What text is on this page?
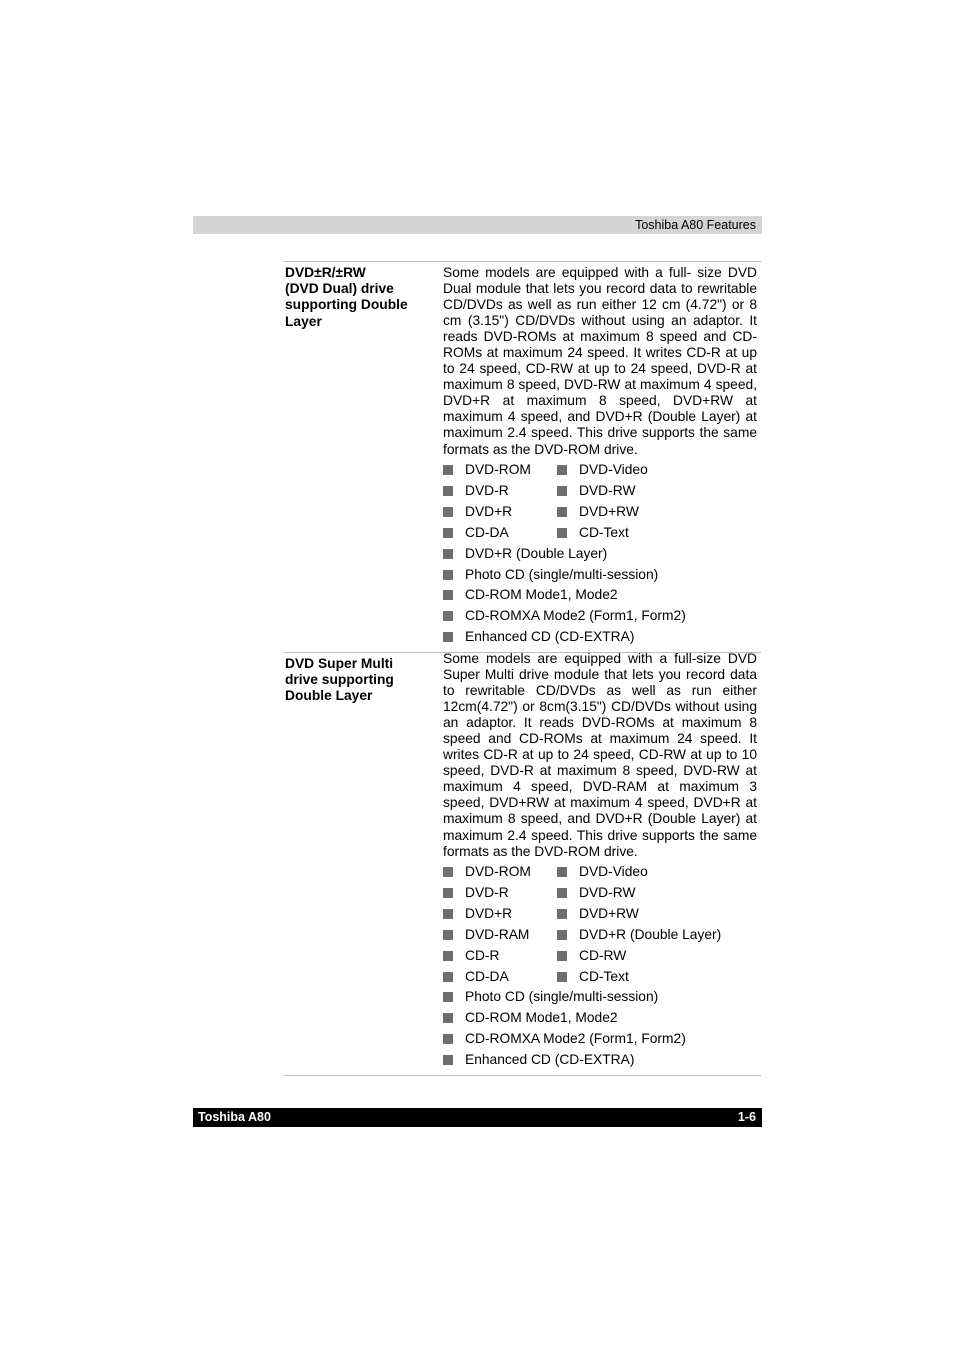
Toshiba A80 Features
DVD±R/±RW
(DVD Dual) drive
supporting Double
Layer

Some models are equipped with a full- size DVD Dual module that lets you record data to rewritable CD/DVDs as well as run either 12 cm (4.72") or 8 cm (3.15") CD/DVDs without using an adaptor. It reads DVD-ROMs at maximum 8 speed and CD-ROMs at maximum 24 speed. It writes CD-R at up to 24 speed, CD-RW at up to 24 speed, DVD-R at maximum 8 speed, DVD-RW at maximum 4 speed, DVD+R at maximum 8 speed, DVD+RW at maximum 4 speed, and DVD+R (Double Layer) at maximum 2.4 speed. This drive supports the same formats as the DVD-ROM drive.

DVD-ROM	DVD-Video
DVD-R	DVD-RW
DVD+R	DVD+RW
CD-DA	CD-Text
DVD+R (Double Layer)
Photo CD (single/multi-session)
CD-ROM Mode1, Mode2
CD-ROMXA Mode2 (Form1, Form2)
Enhanced CD (CD-EXTRA)
DVD Super Multi
drive supporting
Double Layer

Some models are equipped with a full-size DVD Super Multi drive module that lets you record data to rewritable CD/DVDs as well as run either 12cm(4.72") or 8cm(3.15") CD/DVDs without using an adaptor. It reads DVD-ROMs at maximum 8 speed and CD-ROMs at maximum 24 speed. It writes CD-R at up to 24 speed, CD-RW at up to 10 speed, DVD-R at maximum 8 speed, DVD-RW at maximum 4 speed, DVD-RAM at maximum 3 speed, DVD+RW at maximum 4 speed, DVD+R at maximum 8 speed, and DVD+R (Double Layer) at maximum 2.4 speed. This drive supports the same formats as the DVD-ROM drive.

DVD-ROM	DVD-Video
DVD-R	DVD-RW
DVD+R	DVD+RW
DVD-RAM	DVD+R (Double Layer)
CD-R	CD-RW
CD-DA	CD-Text
Photo CD (single/multi-session)
CD-ROM Mode1, Mode2
CD-ROMXA Mode2 (Form1, Form2)
Enhanced CD (CD-EXTRA)
Toshiba A80	1-6
